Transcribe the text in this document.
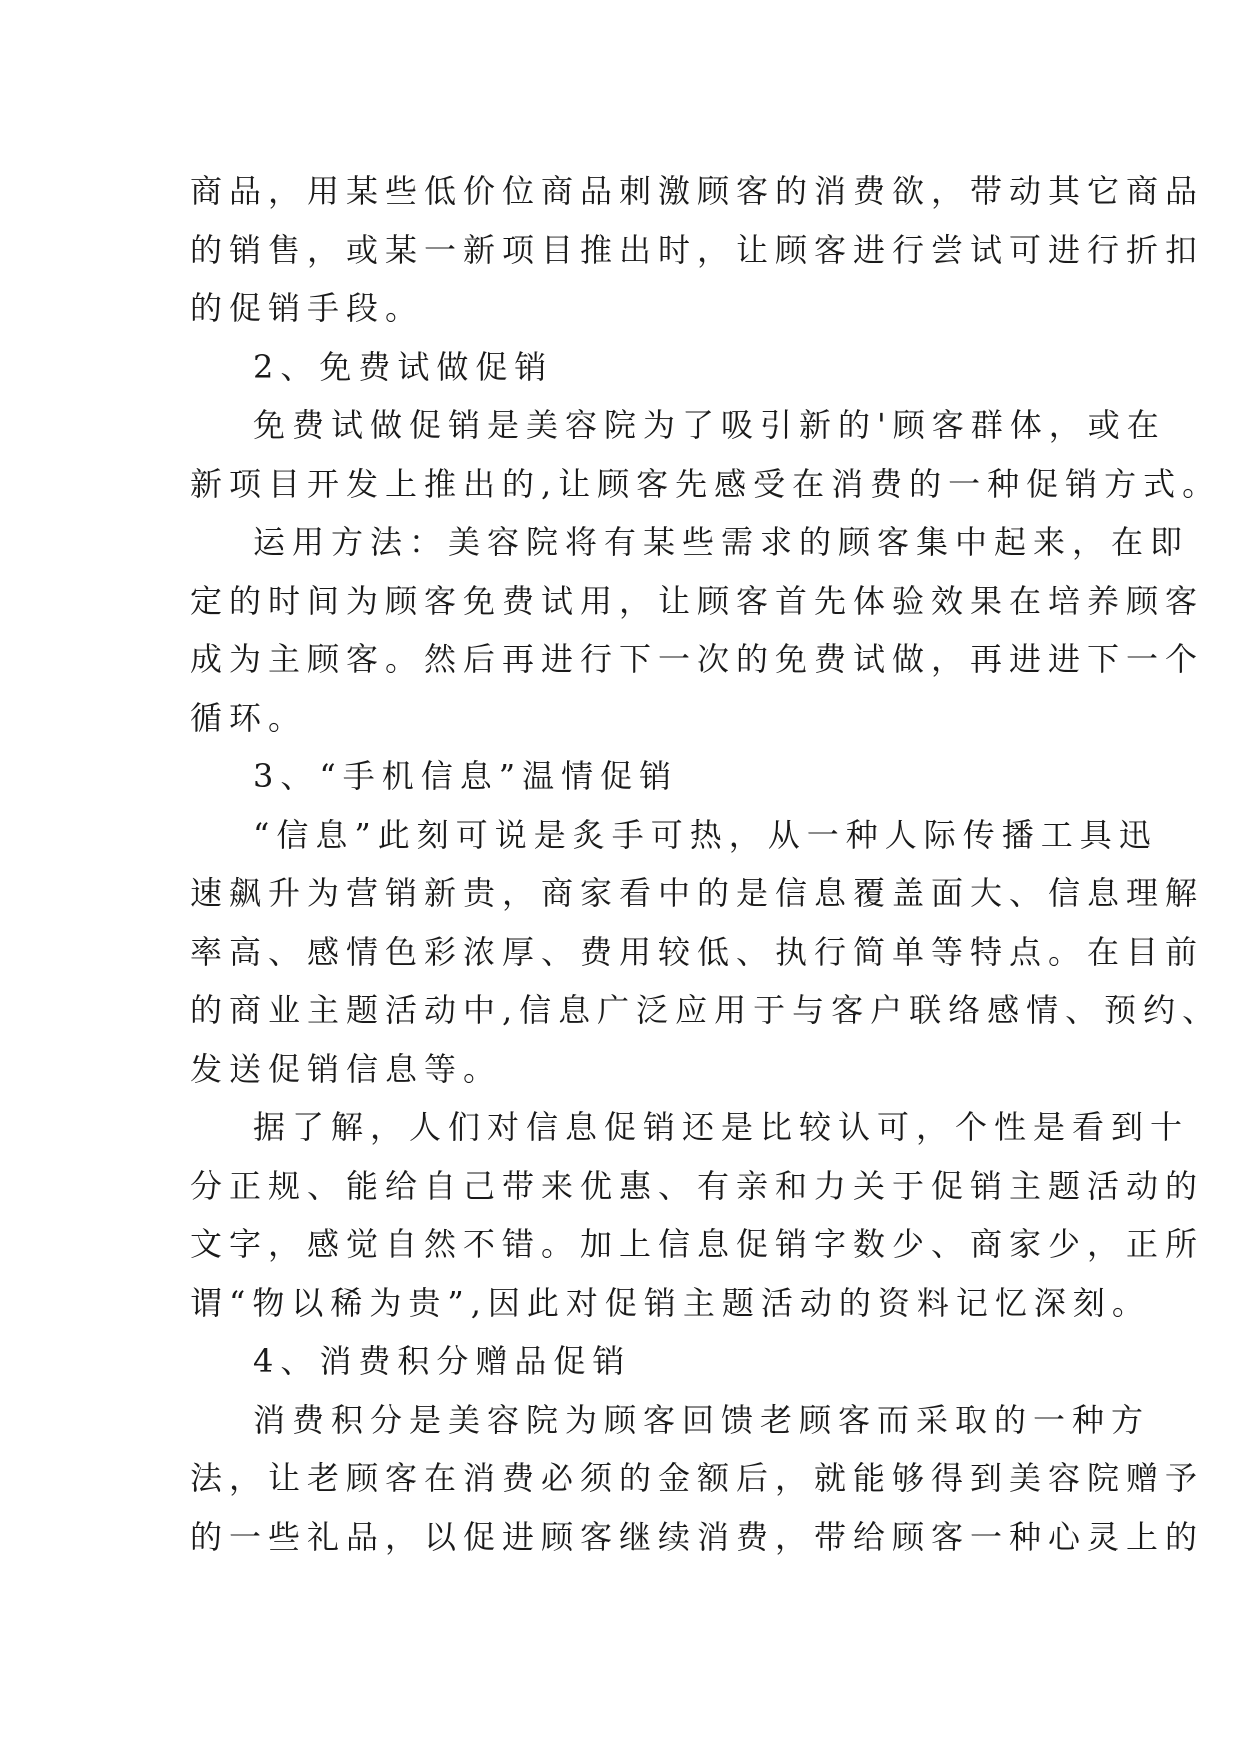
商品，用某些低价位商品刺激顾客的消费欲，带动其它商品
的销售，或某一新项目推出时，让顾客进行尝试可进行折扣
的促销手段。
2、免费试做促销
免费试做促销是美容院为了吸引新的'顾客群体，或在
新项目开发上推出的,让顾客先感受在消费的一种促销方式。
运用方法：美容院将有某些需求的顾客集中起来，在即
定的时间为顾客免费试用，让顾客首先体验效果在培养顾客
成为主顾客。然后再进行下一次的免费试做，再进进下一个
循环。
3、“手机信息”温情促销
“信息”此刻可说是炙手可热，从一种人际传播工具迅
速飙升为营销新贵，商家看中的是信息覆盖面大、信息理解
率高、感情色彩浓厚、费用较低、执行简单等特点。在目前
的商业主题活动中,信息广泛应用于与客户联络感情、预约、
发送促销信息等。
据了解，人们对信息促销还是比较认可，个性是看到十
分正规、能给自己带来优惠、有亲和力关于促销主题活动的
文字，感觉自然不错。加上信息促销字数少、商家少，正所
谓“物以稀为贵”,因此对促销主题活动的资料记忆深刻。
4、消费积分赠品促销
消费积分是美容院为顾客回馈老顾客而采取的一种方
法，让老顾客在消费必须的金额后，就能够得到美容院赠予
的一些礼品，以促进顾客继续消费，带给顾客一种心灵上的
